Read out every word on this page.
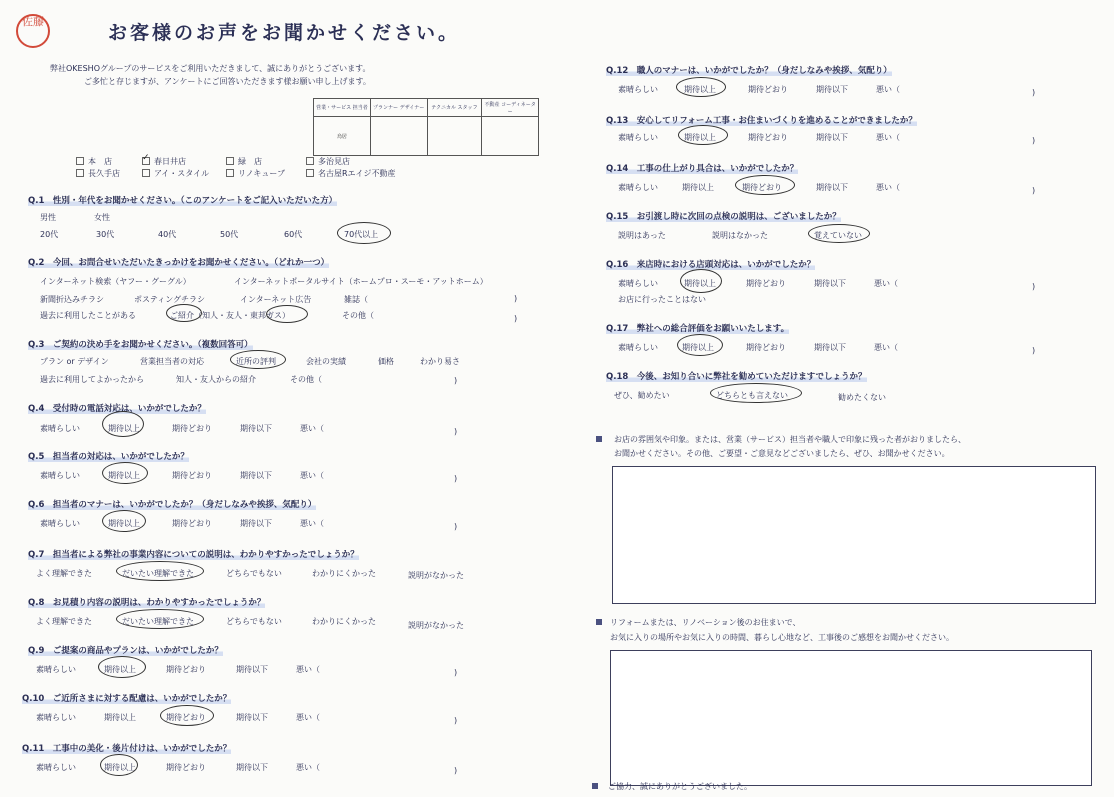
佐藤
お客様のお声をお聞かせください。
弊社OKESHOグループのサービスをご利用いただきまして、誠にありがとうございます。
ご多忙と存じますが、アンケートにご回答いただきます様お願い申し上げます。
営業・サービス 担当者	プランナー デザイナー	テクニカル スタッフ	不動産 コーディネーター
烏居			
本　店	✓ 春日井店	緑　店	多治見店
長久手店	アイ・スタイル	リノキューブ	名古屋Rエイジ不動産
Q.1　性別・年代をお聞かせください。（このアンケートをご記入いただいた方）
男性	女性
20代	30代	40代	50代	60代	70代以上
Q.2　今回、お問合せいただいたきっかけをお聞かせください。（どれか一つ）
インターネット検索（ヤフー・グーグル）	インターネットポータルサイト（ホームプロ・スーモ・アットホーム）
新聞折込みチラシ	ポスティングチラシ	インターネット広告	雑誌（	)
過去に利用したことがある	ご紹介（知人・友人・東邦ガス）	その他（	)
Q.3　ご契約の決め手をお聞かせください。（複数回答可）
プラン or デザイン	営業担当者の対応	近所の評判	会社の実績	価格	わかり易さ
過去に利用してよかったから	知人・友人からの紹介	その他（	)
Q.4　受付時の電話対応は、いかがでしたか？
素晴らしい	期待以上	期待どおり	期待以下	悪い（	)
Q.5　担当者の対応は、いかがでしたか？
素晴らしい	期待以上	期待どおり	期待以下	悪い（	)
Q.6　担当者のマナーは、いかがでしたか？（身だしなみや挨拶、気配り）
素晴らしい	期待以上	期待どおり	期待以下	悪い（	)
Q.7　担当者による弊社の事業内容についての説明は、わかりやすかったでしょうか？
よく理解できた	だいたい理解できた	どちらでもない	わかりにくかった	説明がなかった
Q.8　お見積り内容の説明は、わかりやすかったでしょうか？
よく理解できた	だいたい理解できた	どちらでもない	わかりにくかった	説明がなかった
Q.9　ご提案の商品やプランは、いかがでしたか？
素晴らしい	期待以上	期待どおり	期待以下	悪い（	)
Q.10　ご近所さまに対する配慮は、いかがでしたか？
素晴らしい	期待以上	期待どおり	期待以下	悪い（	)
Q.11　工事中の美化・後片付けは、いかがでしたか？
素晴らしい	期待以上	期待どおり	期待以下	悪い（	)
Q.12　職人のマナーは、いかがでしたか？（身だしなみや挨拶、気配り）
素晴らしい	期待以上	期待どおり	期待以下	悪い（	)
Q.13　安心してリフォーム工事・お住まいづくりを進めることができましたか？
素晴らしい	期待以上	期待どおり	期待以下	悪い（	)
Q.14　工事の仕上がり具合は、いかがでしたか？
素晴らしい	期待以上	期待どおり	期待以下	悪い（	)
Q.15　お引渡し時に次回の点検の説明は、ございましたか？
説明はあった	説明はなかった	覚えていない
Q.16　来店時における店頭対応は、いかがでしたか？
素晴らしい	期待以上	期待どおり	期待以下	悪い（	)
お店に行ったことはない
Q.17　弊社への総合評価をお願いいたします。
素晴らしい	期待以上	期待どおり	期待以下	悪い（	)
Q.18　今後、お知り合いに弊社を勧めていただけますでしょうか？
ぜひ、勧めたい	どちらとも言えない	勧めたくない
お店の雰囲気や印象。または、営業（サービス）担当者や職人で印象に残った者がおりましたら、
お聞かせください。その他、ご要望・ご意見などございましたら、ぜひ、お聞かせください。
リフォームまたは、リノベーション後のお住まいで、
お気に入りの場所やお気に入りの時間、暮らし心地など、工事後のご感想をお聞かせください。
ご協力、誠にありがとうございました。
